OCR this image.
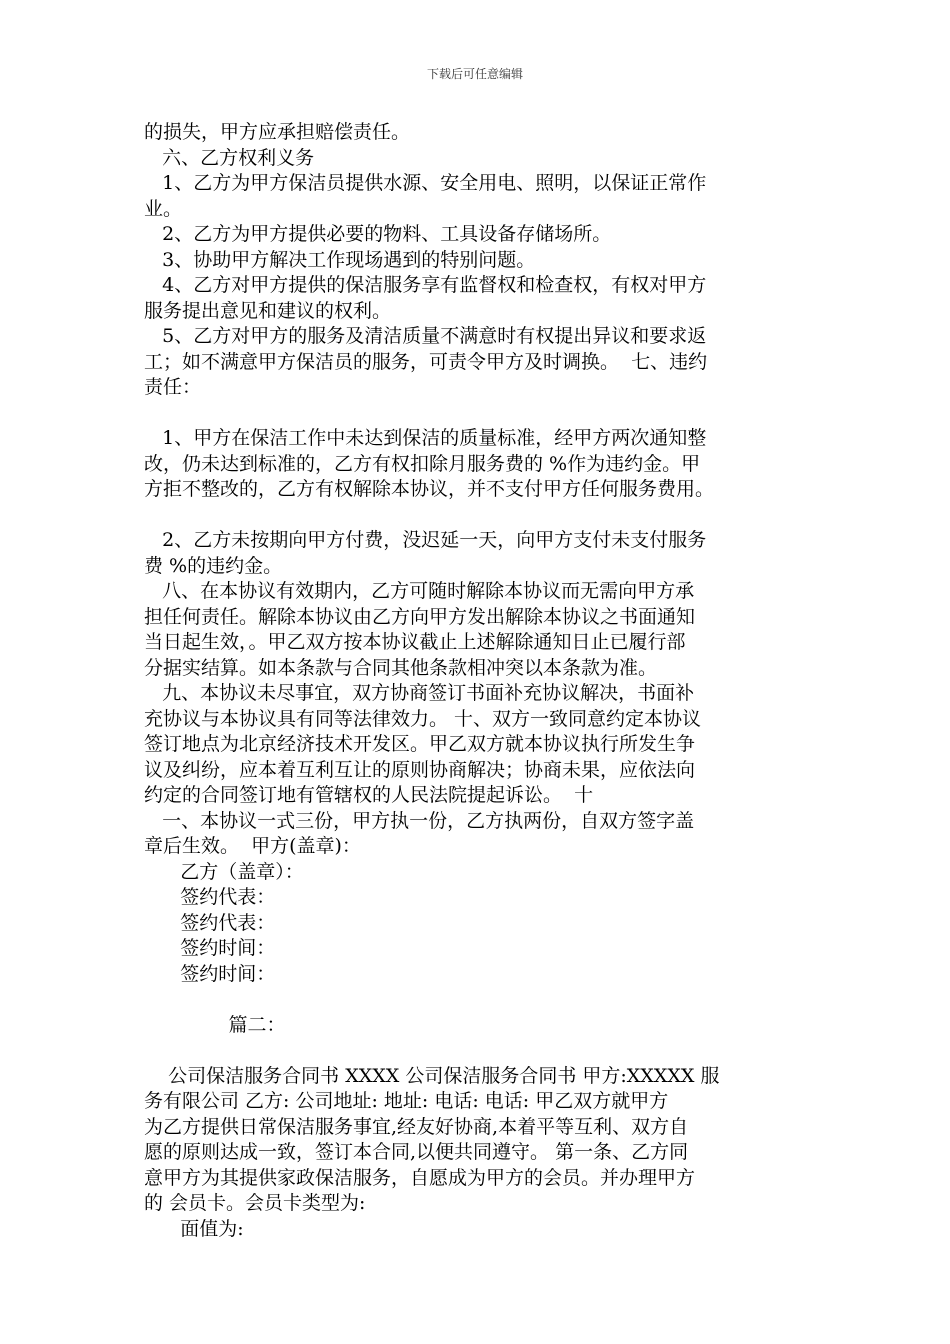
下载后可任意编辑
的损失，甲方应承担赔偿责任。
六、乙方权利义务
1、乙方为甲方保洁员提供水源、安全用电、照明，以保证正常作
业。
2、乙方为甲方提供必要的物料、工具设备存储场所。
3、协助甲方解决工作现场遇到的特别问题。
4、乙方对甲方提供的保洁服务享有监督权和检查权，有权对甲方
服务提出意见和建议的权利。
5、乙方对甲方的服务及清洁质量不满意时有权提出异议和要求返
工；如不满意甲方保洁员的服务，可责令甲方及时调换。  七、违约
责任：
1、甲方在保洁工作中未达到保洁的质量标准，经甲方两次通知整
改，仍未达到标准的，乙方有权扣除月服务费的 %作为违约金。甲
方拒不整改的，乙方有权解除本协议，并不支付甲方任何服务费用。
2、乙方未按期向甲方付费，没迟延一天，向甲方支付未支付服务
费 %的违约金。
八、在本协议有效期内，乙方可随时解除本协议而无需向甲方承
担任何责任。解除本协议由乙方向甲方发出解除本协议之书面通知
当日起生效，。甲乙双方按本协议截止上述解除通知日止已履行部
分据实结算。如本条款与合同其他条款相冲突以本条款为准。
九、本协议未尽事宜，双方协商签订书面补充协议解决，书面补
充协议与本协议具有同等法律效力。 十、双方一致同意约定本协议
签订地点为北京经济技术开发区。甲乙双方就本协议执行所发生争
议及纠纷，应本着互利互让的原则协商解决；协商未果，应依法向
约定的合同签订地有管辖权的人民法院提起诉讼。  十
一、本协议一式三份，甲方执一份，乙方执两份，自双方签字盖
章后生效。  甲方(盖章)：
乙方（盖章）：
签约代表：
签约代表：
签约时间：
签约时间：
篇二：
公司保洁服务合同书 XXXX 公司保洁服务合同书 甲方:XXXXX 服
务有限公司 乙方: 公司地址: 地址: 电话: 电话: 甲乙双方就甲方
为乙方提供日常保洁服务事宜,经友好协商,本着平等互利、双方自
愿的原则达成一致，签订本合同,以便共同遵守。 第一条、乙方同
意甲方为其提供家政保洁服务，自愿成为甲方的会员。并办理甲方
的 会员卡。会员卡类型为:
面值为:
